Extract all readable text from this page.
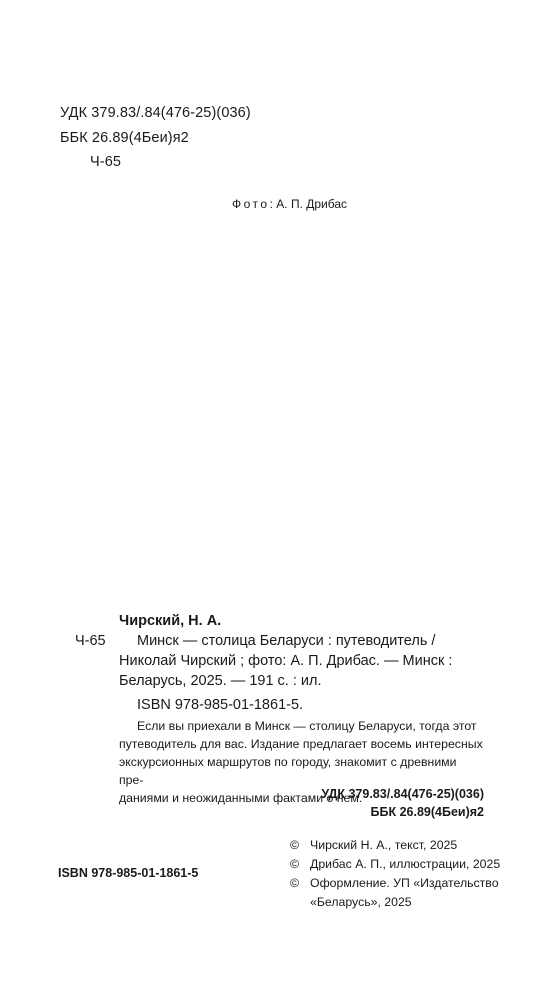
УДК 379.83/.84(476-25)(036)
ББК 26.89(4Беи)я2
Ч-65
Фото: А. П. Дрибас
Чирский, Н. А.
Ч-65 Минск — столица Беларуси : путеводитель /
Николай Чирский ; фото: А. П. Дрибас. — Минск :
Беларусь, 2025. — 191 с. : ил.
ISBN 978-985-01-1861-5.
Если вы приехали в Минск — столицу Беларуси, тогда этот
путеводитель для вас. Издание предлагает восемь интересных
экскурсионных маршрутов по городу, знакомит с древними пре-
даниями и неожиданными фактами о нем.
УДК 379.83/.84(476-25)(036)
ББК 26.89(4Беи)я2
ISBN 978-985-01-1861-5
© Чирский Н. А., текст, 2025
© Дрибас А. П., иллюстрации, 2025
© Оформление. УП «Издательство
«Беларусь», 2025
